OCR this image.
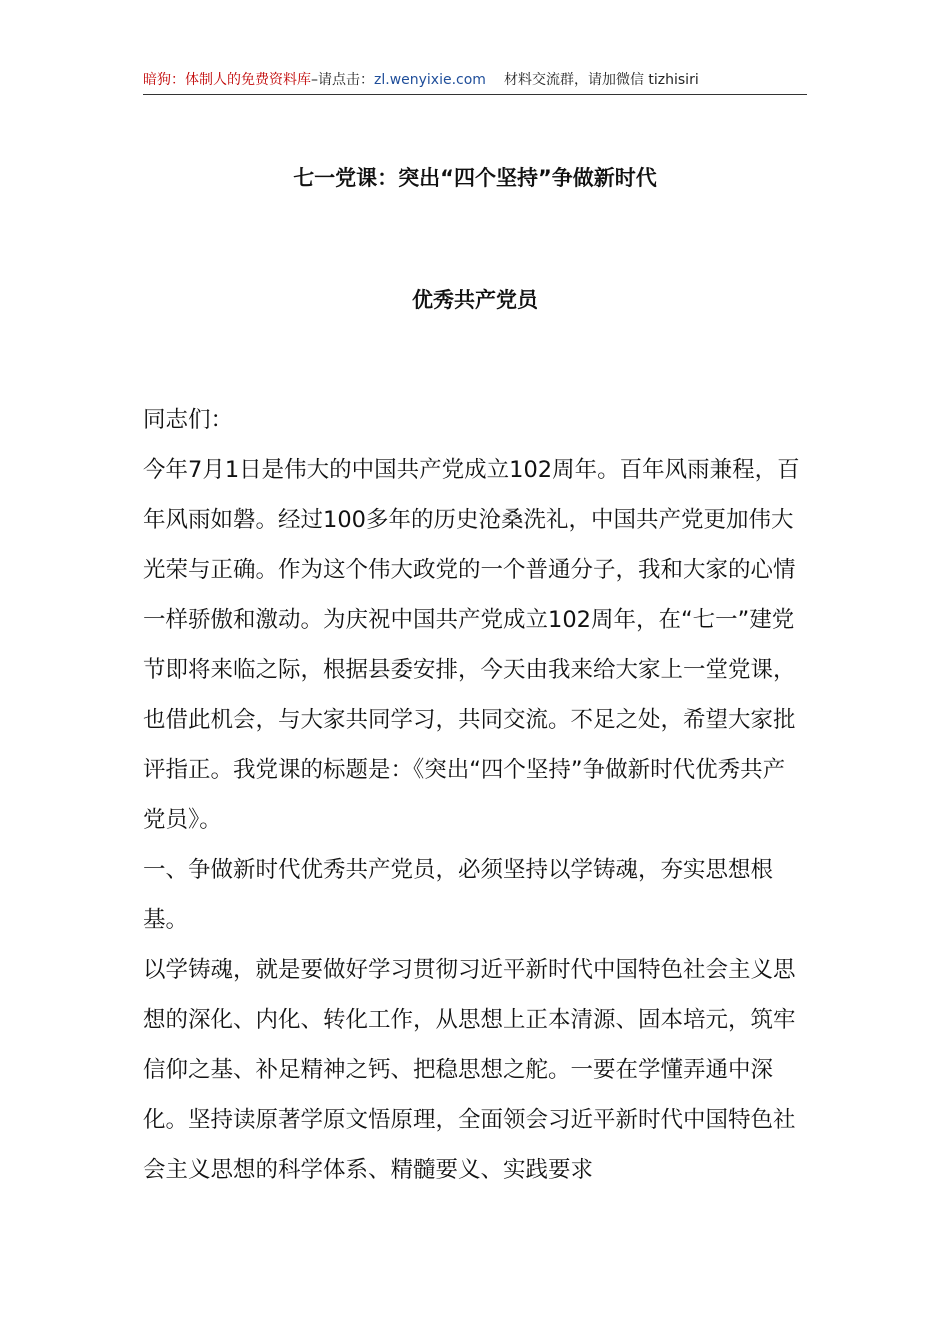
暗狗：体制人的免费资料库–请点击：zl.wenyixie.com 材料交流群，请加微信 tizhisiri
七一党课：突出“四个坚持”争做新时代
优秀共产党员

同志们：

今年7月1日是伟大的中国共产党成立102周年。百年风雨兼程，百年风雨如磐。经过100多年的历史沧桑洗礼，中国共产党更加伟大光荣与正确。作为这个伟大政党的一个普通分子，我和大家的心情一样骄傲和激动。为庆祝中国共产党成立102周年，在“七一”建党节即将来临之际，根据县委安排，今天由我来给大家上一堂党课，也借此机会，与大家共同学习，共同交流。不足之处，希望大家批评指正。我党课的标题是：《突出“四个坚持”争做新时代优秀共产党员》。

一、争做新时代优秀共产党员，必须坚持以学铸魂，夯实思想根基。

以学铸魂，就是要做好学习贯彻习近平新时代中国特色社会主义思想的深化、内化、转化工作，从思想上正本清源、固本培元，筑牢信仰之基、补足精神之钙、把稳思想之舵。一要在学懂弄通中深化。坚持读原著学原文悟原理，全面领会习近平新时代中国特色社会主义思想的科学体系、精髓要义、实践要求
